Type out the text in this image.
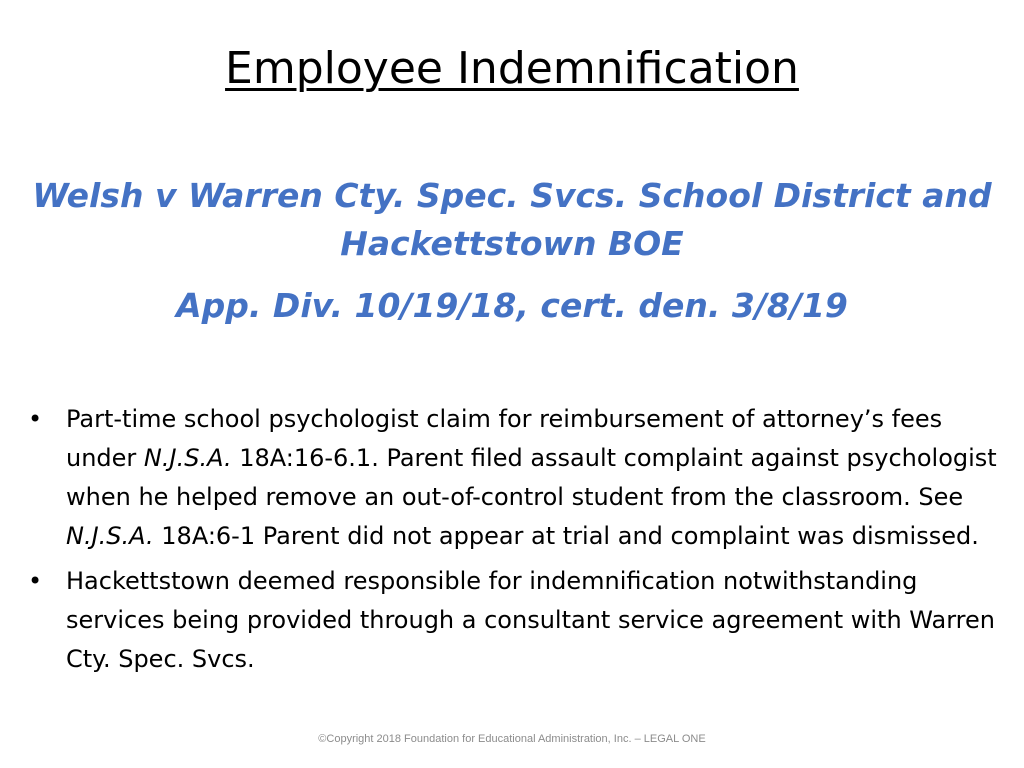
Employee Indemnification
Welsh v Warren Cty. Spec. Svcs. School District and Hackettstown BOE
App. Div. 10/19/18, cert. den. 3/8/19
• Part-time school psychologist claim for reimbursement of attorney’s fees under N.J.S.A. 18A:16-6.1. Parent filed assault complaint against psychologist when he helped remove an out-of-control student from the classroom. See N.J.S.A. 18A:6-1 Parent did not appear at trial and complaint was dismissed.
• Hackettstown deemed responsible for indemnification notwithstanding services being provided through a consultant service agreement with Warren Cty. Spec. Svcs.
©Copyright 2018 Foundation for Educational Administration, Inc. – LEGAL ONE
